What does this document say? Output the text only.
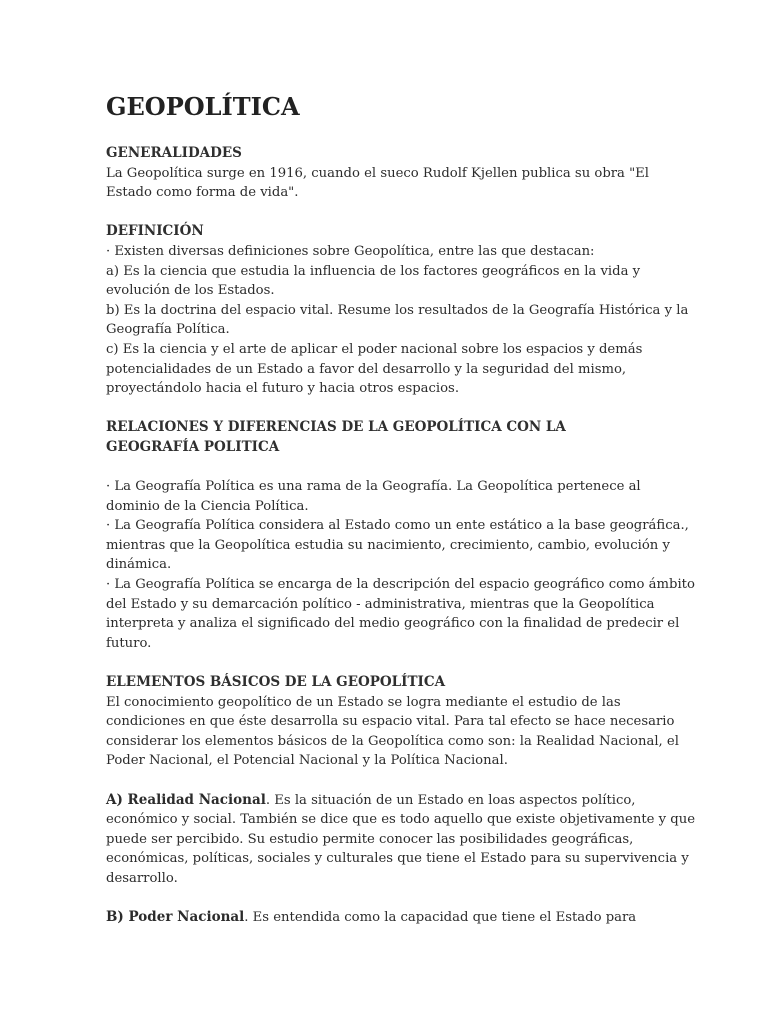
GEOPOLÍTICA
GENERALIDADES
La Geopolítica surge en 1916, cuando el sueco Rudolf Kjellen publica su obra "El
Estado como forma de vida".
DEFINICIÓN
· Existen diversas definiciones sobre Geopolítica, entre las que destacan:
a) Es la ciencia que estudia la influencia de los factores geográficos en la vida y
evolución de los Estados.
b) Es la doctrina del espacio vital. Resume los resultados de la Geografía Histórica y la
Geografía Política.
c) Es la ciencia y el arte de aplicar el poder nacional sobre los espacios y demás
potencialidades de un Estado a favor del desarrollo y la seguridad del mismo,
proyectándolo hacia el futuro y hacia otros espacios.
RELACIONES Y DIFERENCIAS DE LA GEOPOLÍTICA CON LA
GEOGRAFÍA POLITICA
· La Geografía Política es una rama de la Geografía. La Geopolítica pertenece al
dominio de la Ciencia Política.
· La Geografía Política considera al Estado como un ente estático a la base geográfica.,
mientras que la Geopolítica estudia su nacimiento, crecimiento, cambio, evolución y
dinámica.
· La Geografía Política se encarga de la descripción del espacio geográfico como ámbito
del Estado y su demarcación político - administrativa, mientras que la Geopolítica
interpreta y analiza el significado del medio geográfico con la finalidad de predecir el
futuro.
ELEMENTOS BÁSICOS DE LA GEOPOLÍTICA
El conocimiento geopolítico de un Estado se logra mediante el estudio de las
condiciones en que éste desarrolla su espacio vital. Para tal efecto se hace necesario
considerar los elementos básicos de la Geopolítica como son: la Realidad Nacional, el
Poder Nacional, el Potencial Nacional y la Política Nacional.
A) Realidad Nacional. Es la situación de un Estado en loas aspectos político,
económico y social. También se dice que es todo aquello que existe objetivamente y que
puede ser percibido. Su estudio permite conocer las posibilidades geográficas,
económicas, políticas, sociales y culturales que tiene el Estado para su supervivencia y
desarrollo.
B) Poder Nacional. Es entendida como la capacidad que tiene el Estado para
